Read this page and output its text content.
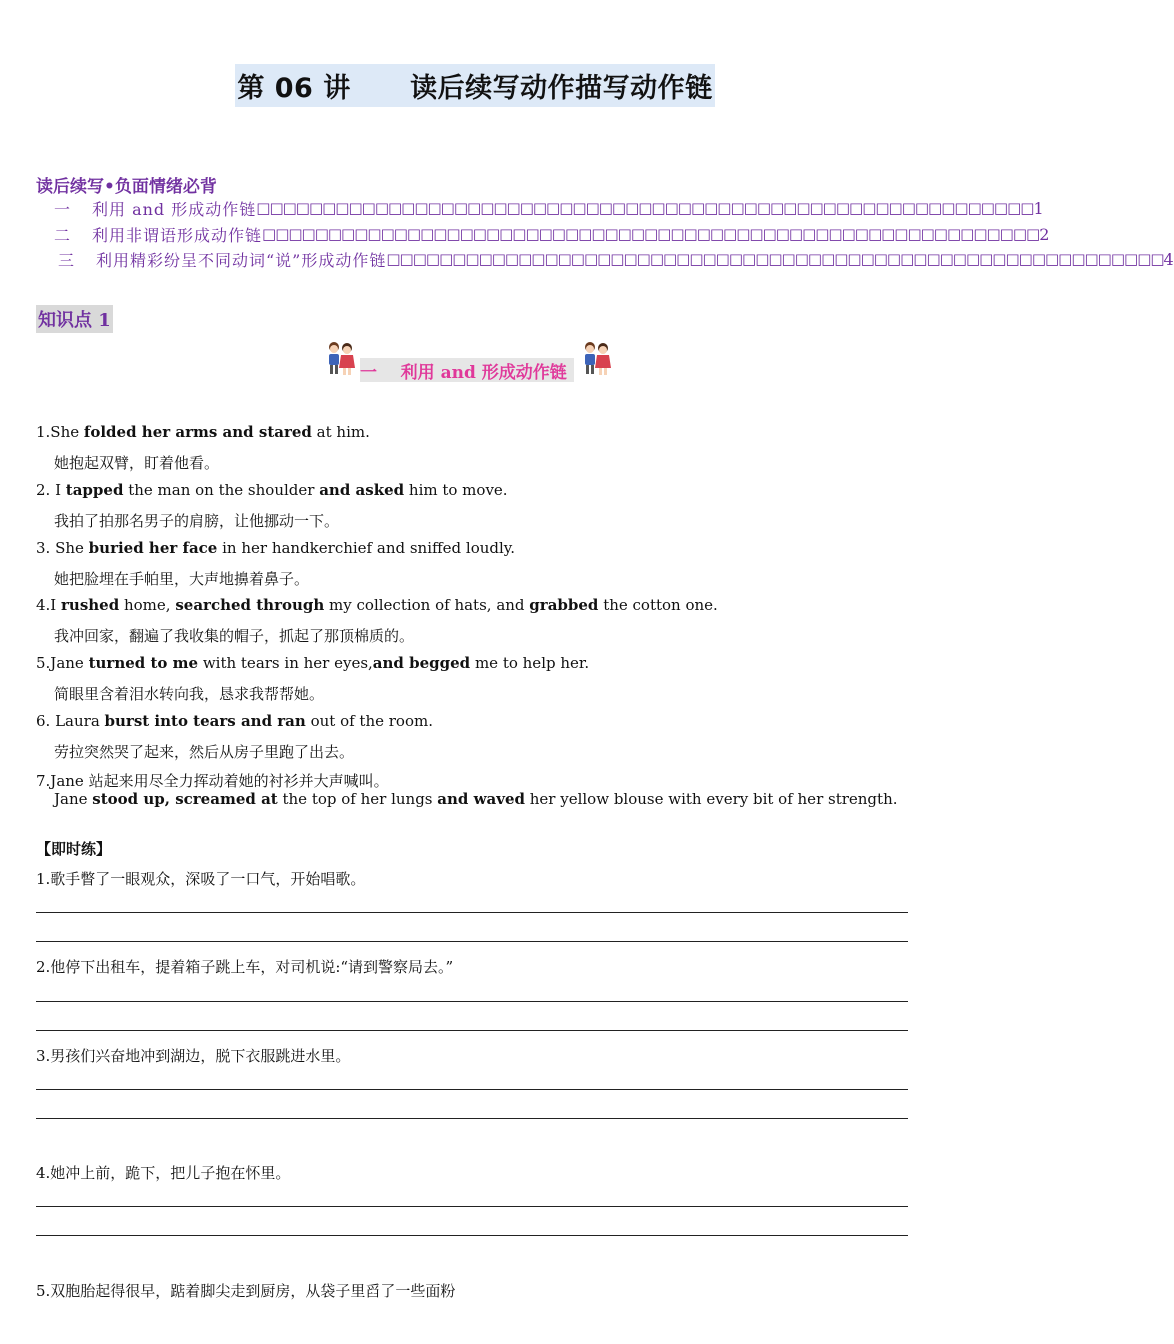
第 06 讲      读后续写动作描写动作链
读后续写•负面情绪必背
一	利用 and 形成动作链 □□□□□□□□□□□□□□□□□□□□□□□□□□□□□□□□□□□□□□□□□□□□□□□□□□□□□□□□□□□ 1
二	利用非谓语形成动作链 □□□□□□□□□□□□□□□□□□□□□□□□□□□□□□□□□□□□□□□□□□□□□□□□□□□□□□□□□□□ 2
三	利用精彩纷呈不同动词“说”形成动作链 □□□□□□□□□□□□□□□□□□□□□□□□□□□□□□□□□□□□□□□□□□□□□□□□□□□□□□□□□□□ 4
知识点 1
一    利用 and 形成动作链
1.She folded her arms and stared at him.
她抱起双臂，盯着他看。
2. I tapped the man on the shoulder and asked him to move.
我拍了拍那名男子的肩膀，让他挪动一下。
3. She buried her face in her handkerchief and sniffed loudly.
她把脸埋在手帕里，大声地擤着鼻子。
4.I rushed home, searched through my collection of hats, and grabbed the cotton one.
我冲回家，翻遍了我收集的帽子，抓起了那顶棉质的。
5.Jane turned to me with tears in her eyes,and begged me to help her.
简眼里含着泪水转向我，恳求我帮帮她。
6. Laura burst into tears and ran out of the room.
劳拉突然哭了起来，然后从房子里跑了出去。
7.Jane 站起来用尽全力挥动着她的衬衫并大声喊叫。
Jane stood up, screamed at the top of her lungs and waved her yellow blouse with every bit of her strength.
【即时练】
1.歌手瞥了一眼观众，深吸了一口气，开始唱歌。
2.他停下出租车，提着箱子跳上车，对司机说:“请到警察局去。”
3.男孩们兴奋地冲到湖边，脱下衣服跳进水里。
4.她冲上前，跪下，把儿子抱在怀里。
5.双胞胎起得很早，踮着脚尖走到厨房，从袋子里舀了一些面粉
